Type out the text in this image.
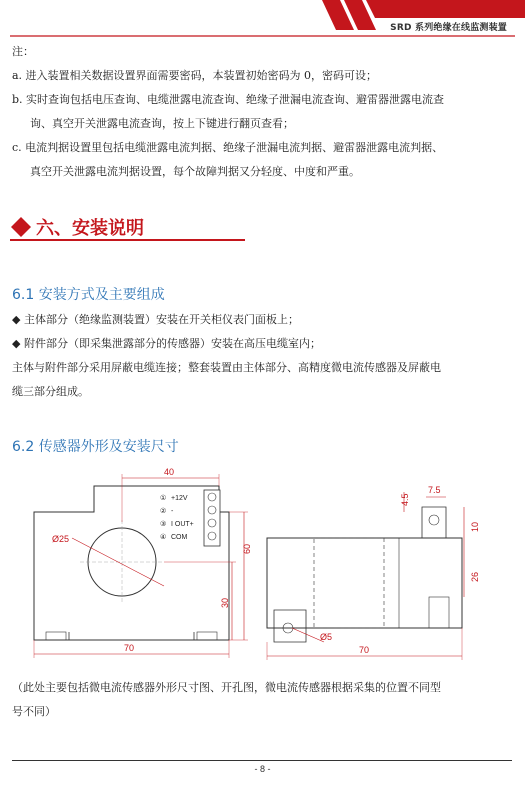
SRD 系列绝缘在线监测装置
注：
a. 进入装置相关数据设置界面需要密码，本装置初始密码为 0，密码可设；
b. 实时查询包括电压查询、电缆泄露电流查询、绝缘子泄漏电流查询、避雷器泄露电流查
询、真空开关泄露电流查询，按上下键进行翻页查看；
c. 电流判据设置里包括电缆泄露电流判据、绝缘子泄漏电流判据、避雷器泄露电流判据、
真空开关泄露电流判据设置，每个故障判据又分轻度、中度和严重。
六、安装说明
6.1 安装方式及主要组成
◆ 主体部分（绝缘监测装置）安装在开关柜仪表门面板上；
◆ 附件部分（即采集泄露部分的传感器）安装在高压电缆室内；
主体与附件部分采用屏蔽电缆连接；整套装置由主体部分、高精度微电流传感器及屏蔽电
缆三部分组成。
6.2 传感器外形及安装尺寸
Ø25
① +12V
② -
③ I OUT+
④ COM
40
60
30
70
4.5
7.5
10
26
Ø5
70
（此处主要包括微电流传感器外形尺寸图、开孔图，微电流传感器根据采集的位置不同型
号不同）
- 8 -
